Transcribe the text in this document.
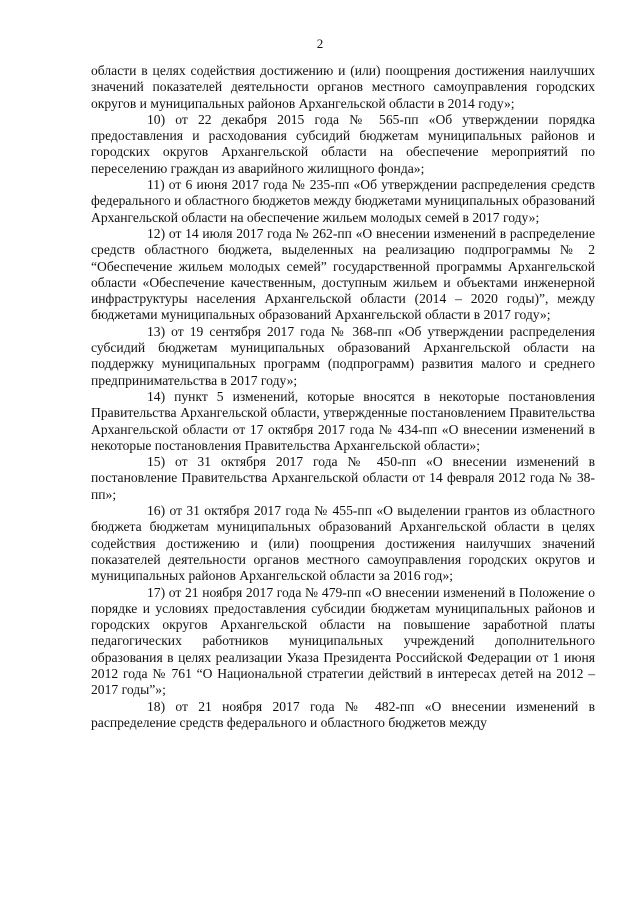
2

области в целях содействия достижению и (или) поощрения достижения наилучших значений показателей деятельности органов местного самоуправления городских округов и муниципальных районов Архангельской области в 2014 году»;

10) от 22 декабря 2015 года № 565-пп «Об утверждении порядка предоставления и расходования субсидий бюджетам муниципальных районов и городских округов Архангельской области на обеспечение мероприятий по переселению граждан из аварийного жилищного фонда»;

11) от 6 июня 2017 года № 235-пп «Об утверждении распределения средств федерального и областного бюджетов между бюджетами муниципальных образований Архангельской области на обеспечение жильем молодых семей в 2017 году»;

12) от 14 июля 2017 года № 262-пп «О внесении изменений в распределение средств областного бюджета, выделенных на реализацию подпрограммы № 2 “Обеспечение жильем молодых семей” государственной программы Архангельской области «Обеспечение качественным, доступным жильем и объектами инженерной инфраструктуры населения Архангельской области (2014 – 2020 годы)”, между бюджетами муниципальных образований Архангельской области в 2017 году»;

13) от 19 сентября 2017 года № 368-пп «Об утверждении распределения субсидий бюджетам муниципальных образований Архангельской области на поддержку муниципальных программ (подпрограмм) развития малого и среднего предпринимательства в 2017 году»;

14) пункт 5 изменений, которые вносятся в некоторые постановления Правительства Архангельской области, утвержденные постановлением Правительства Архангельской области от 17 октября 2017 года № 434-пп «О внесении изменений в некоторые постановления Правительства Архангельской области»;

15) от 31 октября 2017 года № 450-пп «О внесении изменений в постановление Правительства Архангельской области от 14 февраля 2012 года № 38-пп»;

16) от 31 октября 2017 года № 455-пп «О выделении грантов из областного бюджета бюджетам муниципальных образований Архангельской области в целях содействия достижению и (или) поощрения достижения наилучших значений показателей деятельности органов местного самоуправления городских округов и муниципальных районов Архангельской области за 2016 год»;

17) от 21 ноября 2017 года № 479-пп «О внесении изменений в Положение о порядке и условиях предоставления субсидии бюджетам муниципальных районов и городских округов Архангельской области на повышение заработной платы педагогических работников муниципальных учреждений дополнительного образования в целях реализации Указа Президента Российской Федерации от 1 июня 2012 года № 761 “О Национальной стратегии действий в интересах детей на 2012 – 2017 годы”»;

18) от 21 ноября 2017 года № 482-пп «О внесении изменений в распределение средств федерального и областного бюджетов между
